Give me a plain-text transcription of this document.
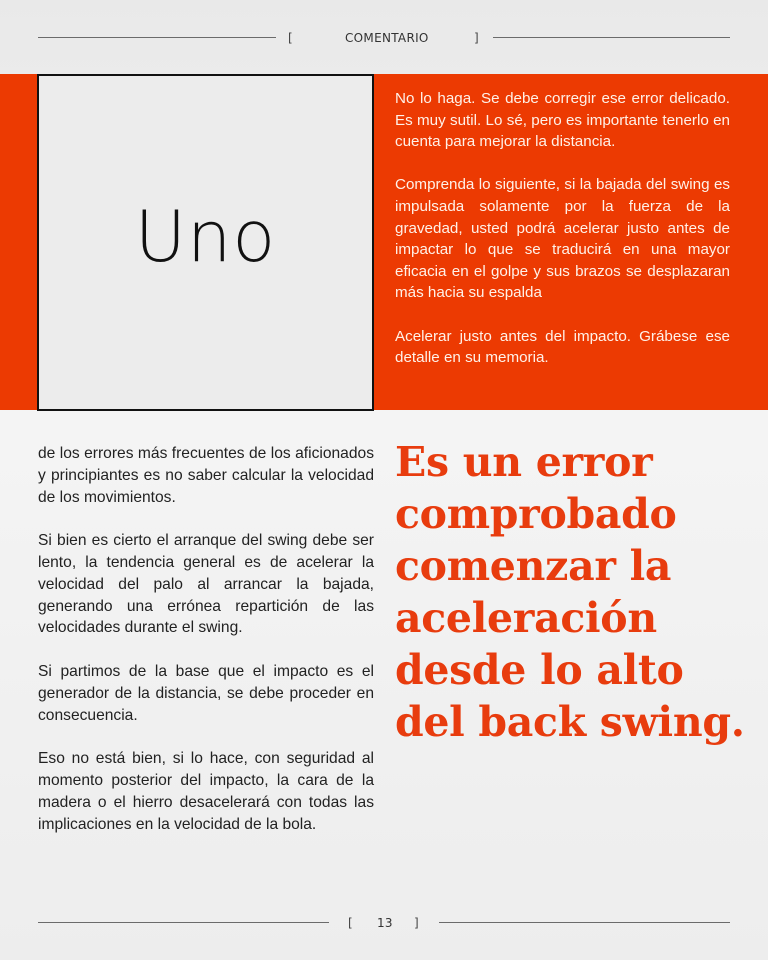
[	COMENTARIO	]
Uno

No lo haga. Se debe corregir ese error delicado. Es muy sutil. Lo sé, pero es importante tenerlo en cuenta para mejorar la distancia.

Comprenda lo siguiente, si la bajada del swing es impulsada solamente por la fuerza de la gravedad, usted podrá acelerar justo antes de impactar lo que se traducirá en una mayor eficacia en el golpe y sus brazos se desplazaran más hacia su espalda

Acelerar justo antes del impacto. Grábese ese detalle en su memoria.

de los errores más frecuentes de los aficionados y principiantes es no saber calcular la velocidad de los movimientos.

Si bien es cierto el arranque del swing debe ser lento, la tendencia general es de acelerar la velocidad del palo al arrancar la bajada, generando una errónea repartición de las velocidades durante el swing.

Si partimos de la base que el impacto es el generador de la distancia, se debe proceder en consecuencia.

Eso no está bien, si lo hace, con seguridad al momento posterior del impacto, la cara de la madera o el hierro desacelerará con todas las implicaciones en la velocidad de la bola.

Es un error
comprobado
comenzar la
aceleración
desde lo alto
del back swing.
[ 13 ]
